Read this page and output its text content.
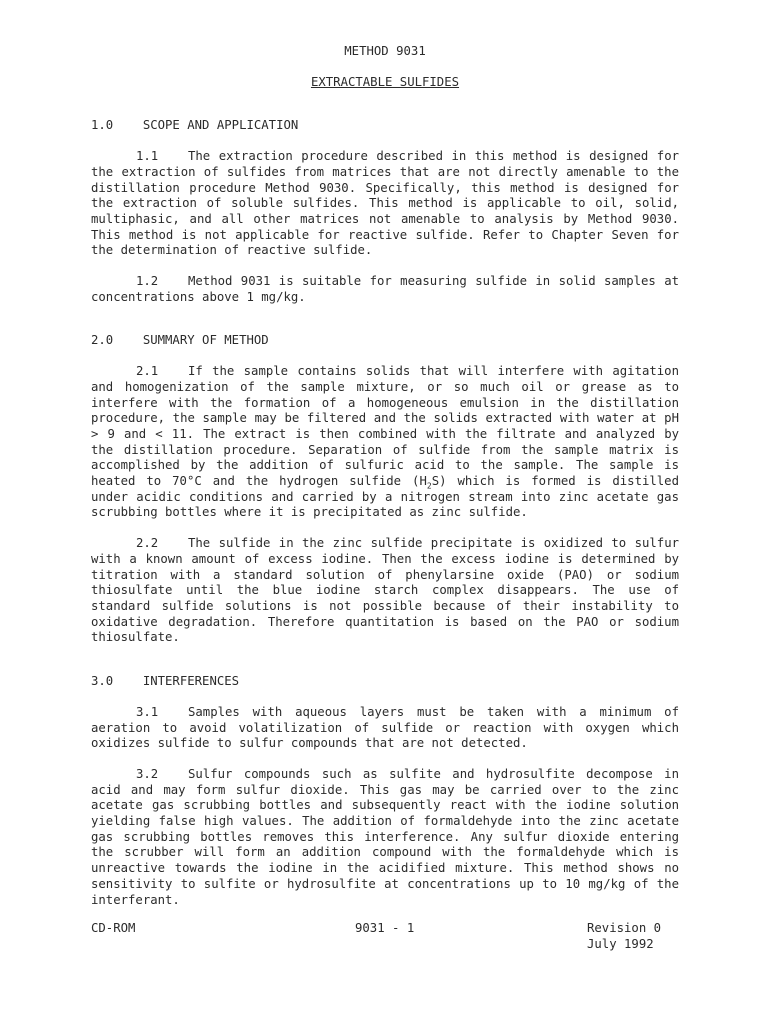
METHOD 9031

EXTRACTABLE SULFIDES

1.0    SCOPE AND APPLICATION

1.1 The extraction procedure described in this method is designed for the extraction of sulfides from matrices that are not directly amenable to the distillation procedure Method 9030. Specifically, this method is designed for the extraction of soluble sulfides. This method is applicable to oil, solid, multiphasic, and all other matrices not amenable to analysis by Method 9030. This method is not applicable for reactive sulfide. Refer to Chapter Seven for the determination of reactive sulfide.

1.2 Method 9031 is suitable for measuring sulfide in solid samples at concentrations above 1 mg/kg.

2.0    SUMMARY OF METHOD

2.1 If the sample contains solids that will interfere with agitation and homogenization of the sample mixture, or so much oil or grease as to interfere with the formation of a homogeneous emulsion in the distillation procedure, the sample may be filtered and the solids extracted with water at pH > 9 and < 11. The extract is then combined with the filtrate and analyzed by the distillation procedure. Separation of sulfide from the sample matrix is accomplished by the addition of sulfuric acid to the sample. The sample is heated to 70°C and the hydrogen sulfide $(H_2S)$ which is formed is distilled under acidic conditions and carried by a nitrogen stream into zinc acetate gas scrubbing bottles where it is precipitated as zinc sulfide.

2.2 The sulfide in the zinc sulfide precipitate is oxidized to sulfur with a known amount of excess iodine. Then the excess iodine is determined by titration with a standard solution of phenylarsine oxide (PAO) or sodium thiosulfate until the blue iodine starch complex disappears. The use of standard sulfide solutions is not possible because of their instability to oxidative degradation. Therefore quantitation is based on the PAO or sodium thiosulfate.

3.0    INTERFERENCES

3.1 Samples with aqueous layers must be taken with a minimum of aeration to avoid volatilization of sulfide or reaction with oxygen which oxidizes sulfide to sulfur compounds that are not detected.

3.2 Sulfur compounds such as sulfite and hydrosulfite decompose in acid and may form sulfur dioxide. This gas may be carried over to the zinc acetate gas scrubbing bottles and subsequently react with the iodine solution yielding false high values. The addition of formaldehyde into the zinc acetate gas scrubbing bottles removes this interference. Any sulfur dioxide entering the scrubber will form an addition compound with the formaldehyde which is unreactive towards the iodine in the acidified mixture. This method shows no sensitivity to sulfite or hydrosulfite at concentrations up to 10 mg/kg of the interferant.

CD-ROM	9031 - 1	Revision 0
July 1992
